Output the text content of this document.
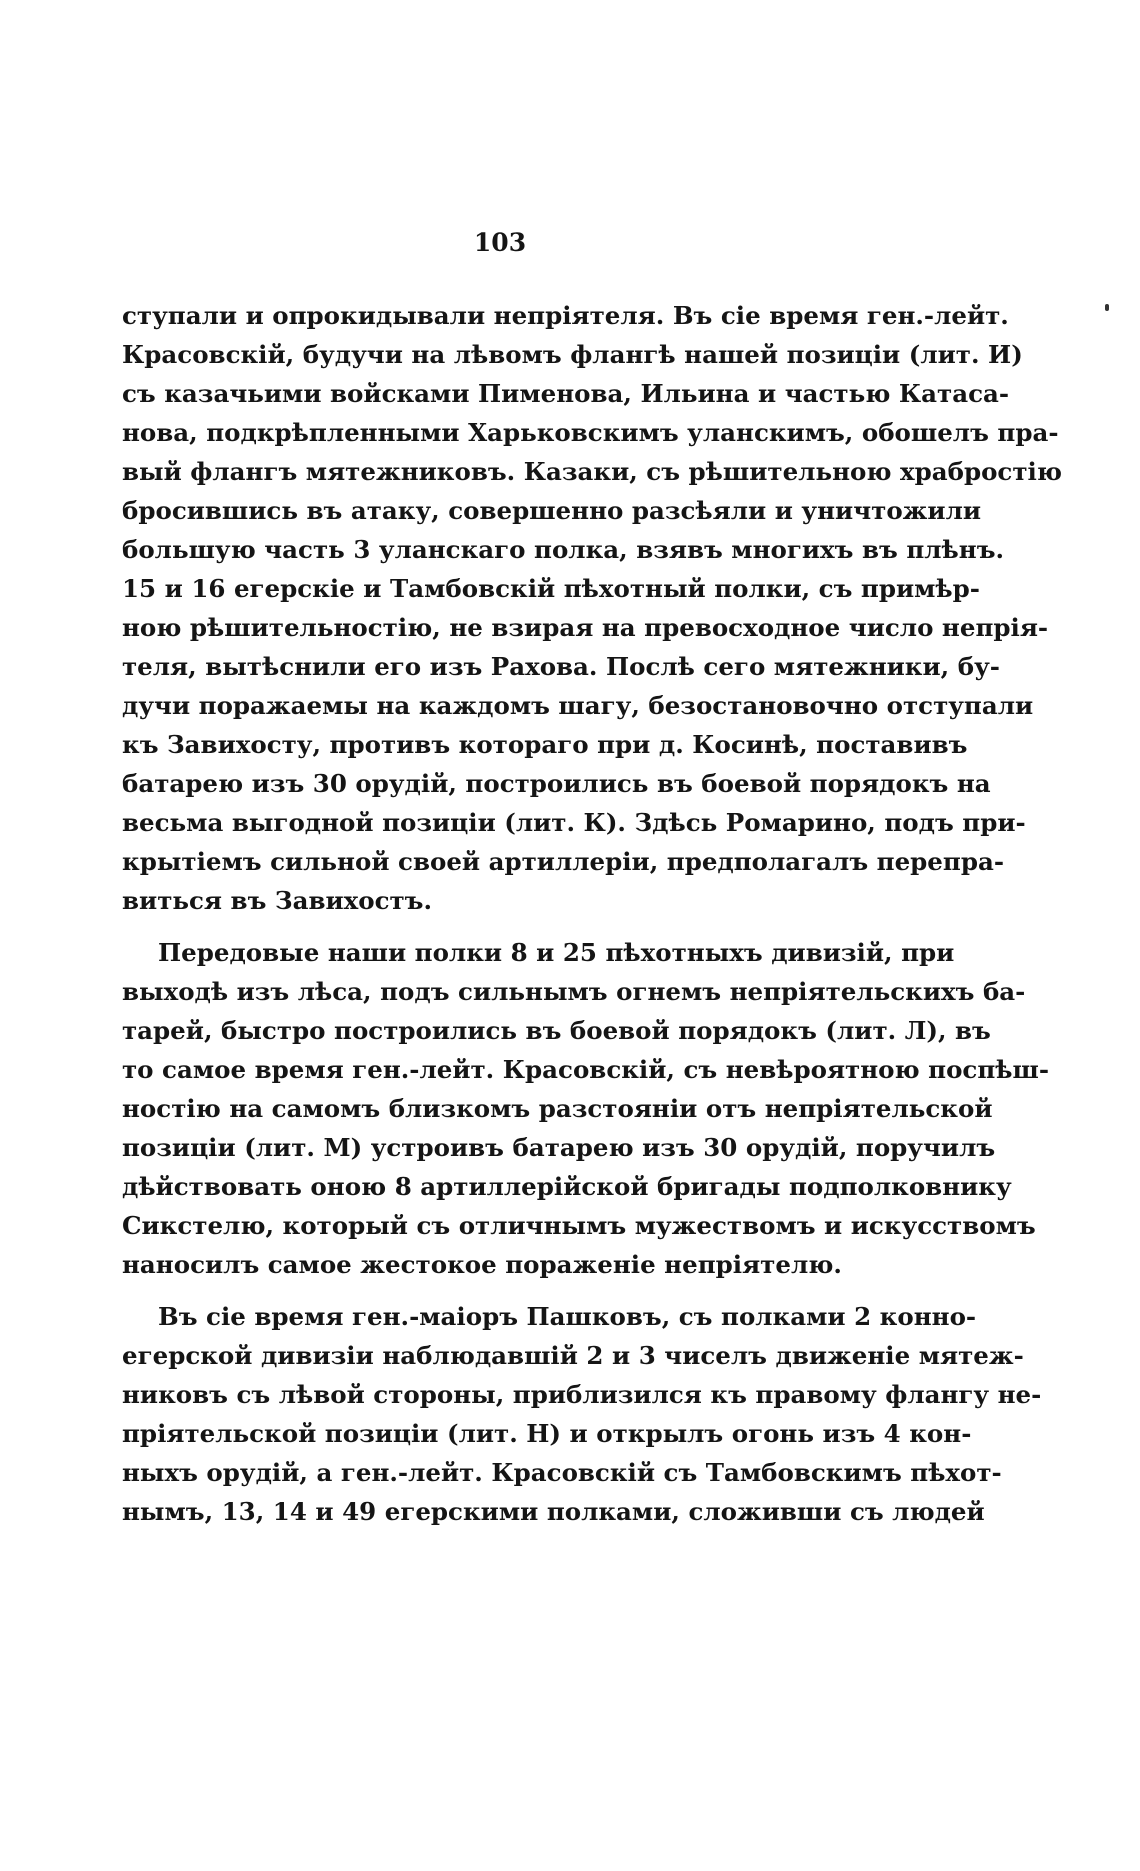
103
ступали и опрокидывали непріятеля. Въ сіе время ген.-лейт.
Красовскій, будучи на лѣвомъ флангѣ нашей позиціи (лит. И)
съ казачьими войсками Пименова, Ильина и частью Катаса-
нова, подкрѣпленными Харьковскимъ уланскимъ, обошелъ пра-
вый флангъ мятежниковъ. Казаки, съ рѣшительною храбростію
бросившись въ атаку, совершенно разсѣяли и уничтожили
большую часть 3 уланскаго полка, взявъ многихъ въ плѣнъ.
15 и 16 егерскіе и Тамбовскій пѣхотный полки, съ примѣр-
ною рѣшительностію, не взирая на превосходное число непрія-
теля, вытѣснили его изъ Рахова. Послѣ сего мятежники, бу-
дучи поражаемы на каждомъ шагу, безостановочно отступали
къ Завихосту, противъ котораго при д. Косинѣ, поставивъ
батарею изъ 30 орудій, построились въ боевой порядокъ на
весьма выгодной позиціи (лит. К). Здѣсь Ромарино, подъ при-
крытіемъ сильной своей артиллеріи, предполагалъ перепра-
виться въ Завихостъ.
Передовые наши полки 8 и 25 пѣхотныхъ дивизій, при
выходѣ изъ лѣса, подъ сильнымъ огнемъ непріятельскихъ ба-
тарей, быстро построились въ боевой порядокъ (лит. Л), въ
то самое время ген.-лейт. Красовскій, съ невѣроятною поспѣш-
ностію на самомъ близкомъ разстояніи отъ непріятельской
позиціи (лит. М) устроивъ батарею изъ 30 орудій, поручилъ
дѣйствовать оною 8 артиллерійской бригады подполковнику
Сикстелю, который съ отличнымъ мужествомъ и искусствомъ
наносилъ самое жестокое пораженіе непріятелю.
Въ сіе время ген.-маіоръ Пашковъ, съ полками 2 конно-
егерской дивизіи наблюдавшій 2 и 3 чиселъ движеніе мятеж-
никовъ съ лѣвой стороны, приблизился къ правому флангу не-
пріятельской позиціи (лит. Н) и открылъ огонь изъ 4 кон-
ныхъ орудій, а ген.-лейт. Красовскій съ Тамбовскимъ пѣхот-
нымъ, 13, 14 и 49 егерскими полками, сложивши съ людей
